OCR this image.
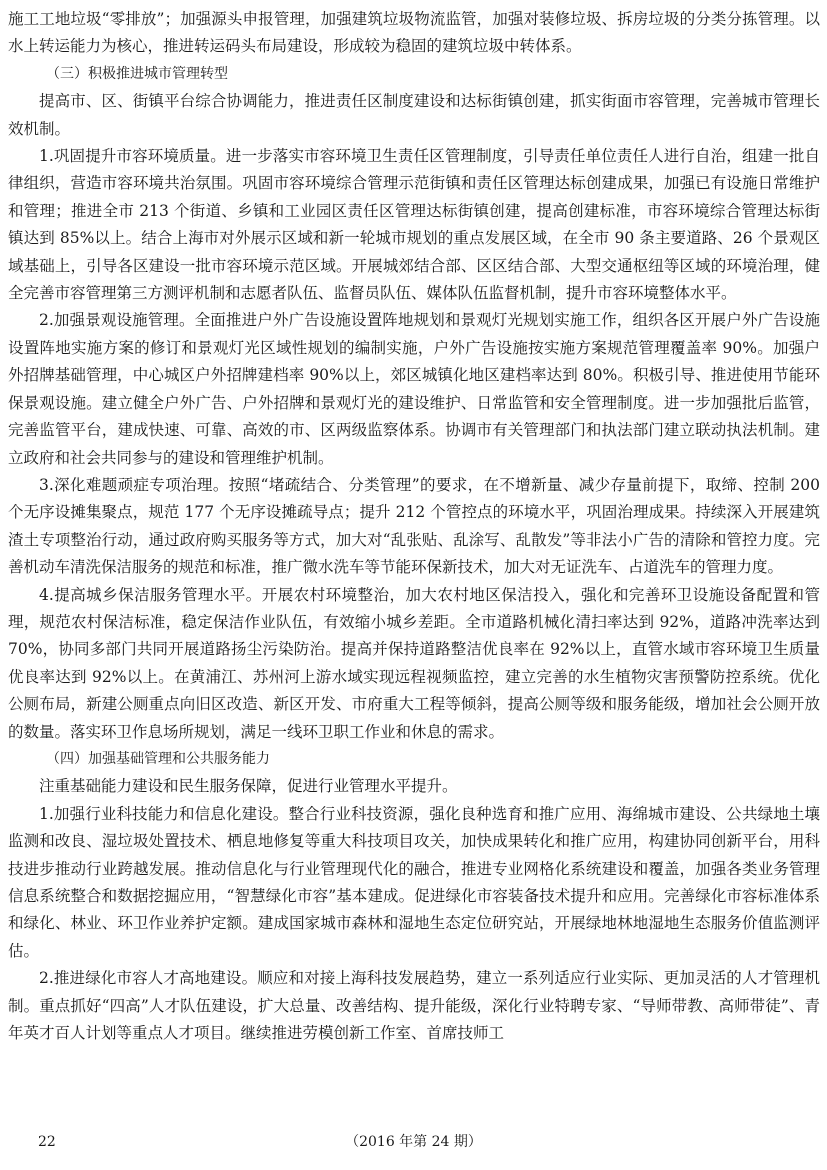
施工工地垃圾“零排放”；加强源头申报管理，加强建筑垃圾物流监管，加强对装修垃圾、拆房垃圾的分类分拣管理。以水上转运能力为核心，推进转运码头布局建设，形成较为稳固的建筑垃圾中转体系。

（三）积极推进城市管理转型

提高市、区、街镇平台综合协调能力，推进责任区制度建设和达标街镇创建，抓实街面市容管理，完善城市管理长效机制。

1.巩固提升市容环境质量。进一步落实市容环境卫生责任区管理制度，引导责任单位责任人进行自治，组建一批自律组织，营造市容环境共治氛围。巩固市容环境综合管理示范街镇和责任区管理达标创建成果，加强已有设施日常维护和管理；推进全市 213 个街道、乡镇和工业园区责任区管理达标街镇创建，提高创建标准，市容环境综合管理达标街镇达到 85%以上。结合上海市对外展示区域和新一轮城市规划的重点发展区域，在全市 90 条主要道路、26 个景观区域基础上，引导各区建设一批市容环境示范区域。开展城郊结合部、区区结合部、大型交通枢纽等区域的环境治理，健全完善市容管理第三方测评机制和志愿者队伍、监督员队伍、媒体队伍监督机制，提升市容环境整体水平。

2.加强景观设施管理。全面推进户外广告设施设置阵地规划和景观灯光规划实施工作，组织各区开展户外广告设施设置阵地实施方案的修订和景观灯光区域性规划的编制实施，户外广告设施按实施方案规范管理覆盖率 90%。加强户外招牌基础管理，中心城区户外招牌建档率 90%以上，郊区城镇化地区建档率达到 80%。积极引导、推进使用节能环保景观设施。建立健全户外广告、户外招牌和景观灯光的建设维护、日常监管和安全管理制度。进一步加强批后监管，完善监管平台，建成快速、可靠、高效的市、区两级监察体系。协调市有关管理部门和执法部门建立联动执法机制。建立政府和社会共同参与的建设和管理维护机制。

3.深化难题顽症专项治理。按照“堵疏结合、分类管理”的要求，在不增新量、减少存量前提下，取缔、控制 200 个无序设摊集聚点，规范 177 个无序设摊疏导点；提升 212 个管控点的环境水平，巩固治理成果。持续深入开展建筑渣土专项整治行动，通过政府购买服务等方式，加大对“乱张贴、乱涂写、乱散发”等非法小广告的清除和管控力度。完善机动车清洗保洁服务的规范和标准，推广微水洗车等节能环保新技术，加大对无证洗车、占道洗车的管理力度。

4.提高城乡保洁服务管理水平。开展农村环境整治，加大农村地区保洁投入，强化和完善环卫设施设备配置和管理，规范农村保洁标准，稳定保洁作业队伍，有效缩小城乡差距。全市道路机械化清扫率达到 92%，道路冲洗率达到 70%，协同多部门共同开展道路扬尘污染防治。提高并保持道路整洁优良率在 92%以上，直管水域市容环境卫生质量优良率达到 92%以上。在黄浦江、苏州河上游水域实现远程视频监控，建立完善的水生植物灾害预警防控系统。优化公厕布局，新建公厕重点向旧区改造、新区开发、市府重大工程等倾斜，提高公厕等级和服务能级，增加社会公厕开放的数量。落实环卫作息场所规划，满足一线环卫职工作业和休息的需求。

（四）加强基础管理和公共服务能力

注重基础能力建设和民生服务保障，促进行业管理水平提升。

1.加强行业科技能力和信息化建设。整合行业科技资源，强化良种选育和推广应用、海绵城市建设、公共绿地土壤监测和改良、湿垃圾处置技术、栖息地修复等重大科技项目攻关，加快成果转化和推广应用，构建协同创新平台，用科技进步推动行业跨越发展。推动信息化与行业管理现代化的融合，推进专业网格化系统建设和覆盖，加强各类业务管理信息系统整合和数据挖掘应用，“智慧绿化市容”基本建成。促进绿化市容装备技术提升和应用。完善绿化市容标准体系和绿化、林业、环卫作业养护定额。建成国家城市森林和湿地生态定位研究站，开展绿地林地湿地生态服务价值监测评估。

2.推进绿化市容人才高地建设。顺应和对接上海科技发展趋势，建立一系列适应行业实际、更加灵活的人才管理机制。重点抓好“四高”人才队伍建设，扩大总量、改善结构、提升能级，深化行业特聘专家、“导师带教、高师带徒”、青年英才百人计划等重点人才项目。继续推进劳模创新工作室、首席技师工

22	（2016 年第 24 期）
